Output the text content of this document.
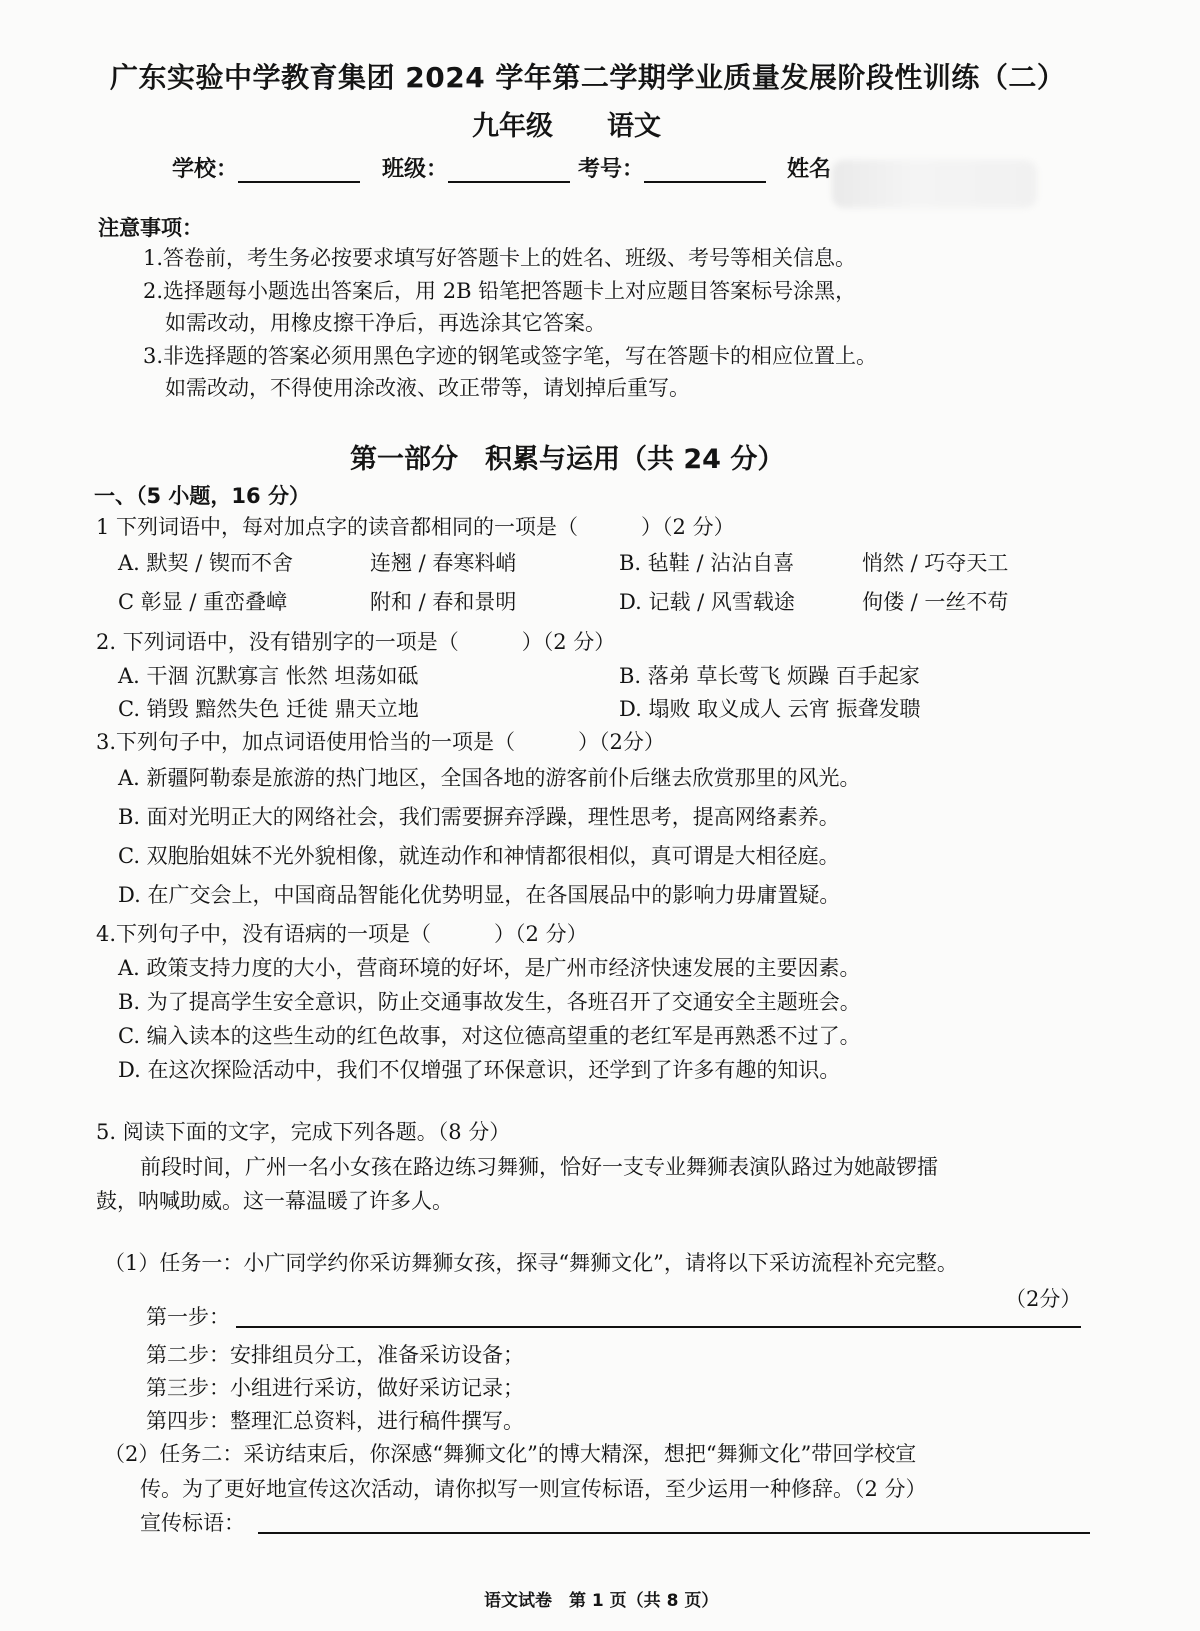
广东实验中学教育集团 2024 学年第二学期学业质量发展阶段性训练（二）
九年级　　语文
学校：	班级：	考号：	姓名
注意事项：
1.答卷前，考生务必按要求填写好答题卡上的姓名、班级、考号等相关信息。
2.选择题每小题选出答案后，用 2B 铅笔把答题卡上对应题目答案标号涂黑，
如需改动，用橡皮擦干净后，再选涂其它答案。
3.非选择题的答案必须用黑色字迹的钢笔或签字笔，写在答题卡的相应位置上。
如需改动，不得使用涂改液、改正带等，请划掉后重写。
第一部分　积累与运用（共 24 分）
一、（5 小题，16 分）
1 下列词语中，每对加点字的读音都相同的一项是（　　　）（2 分）
A. 默契 / 锲而不舍	连翘 / 春寒料峭	B. 毡鞋 / 沾沾自喜	悄然 / 巧夺天工
C 彰显 / 重峦叠嶂	附和 / 春和景明	D. 记载 / 风雪载途	佝偻 / 一丝不苟
2. 下列词语中，没有错别字的一项是（　　　）（2 分）
A. 干涸 沉默寡言 怅然 坦荡如砥	B. 落弟 草长莺飞 烦躁 百手起家
C. 销毁 黯然失色 迁徙 鼎天立地	D. 塌败 取义成人 云宵 振聋发聩
3.下列句子中，加点词语使用恰当的一项是（　　　）（2分）
A. 新疆阿勒泰是旅游的热门地区，全国各地的游客前仆后继去欣赏那里的风光。
B. 面对光明正大的网络社会，我们需要摒弃浮躁，理性思考，提高网络素养。
C. 双胞胎姐妹不光外貌相像，就连动作和神情都很相似，真可谓是大相径庭。
D. 在广交会上，中国商品智能化优势明显，在各国展品中的影响力毋庸置疑。
4.下列句子中，没有语病的一项是（　　　）（2 分）
A. 政策支持力度的大小，营商环境的好坏，是广州市经济快速发展的主要因素。
B. 为了提高学生安全意识，防止交通事故发生，各班召开了交通安全主题班会。
C. 编入读本的这些生动的红色故事，对这位德高望重的老红军是再熟悉不过了。
D. 在这次探险活动中，我们不仅增强了环保意识，还学到了许多有趣的知识。
5. 阅读下面的文字，完成下列各题。（8 分）
前段时间，广州一名小女孩在路边练习舞狮，恰好一支专业舞狮表演队路过为她敲锣擂
鼓，呐喊助威。这一幕温暖了许多人。
（1）任务一：小广同学约你采访舞狮女孩，探寻“舞狮文化”，请将以下采访流程补充完整。
（2分）
第一步：
第二步：安排组员分工，准备采访设备；
第三步：小组进行采访，做好采访记录；
第四步：整理汇总资料，进行稿件撰写。
（2）任务二：采访结束后，你深感“舞狮文化”的博大精深，想把“舞狮文化”带回学校宣
传。为了更好地宣传这次活动，请你拟写一则宣传标语，至少运用一种修辞。（2 分）
宣传标语：
语文试卷　第 1 页（共 8 页）
